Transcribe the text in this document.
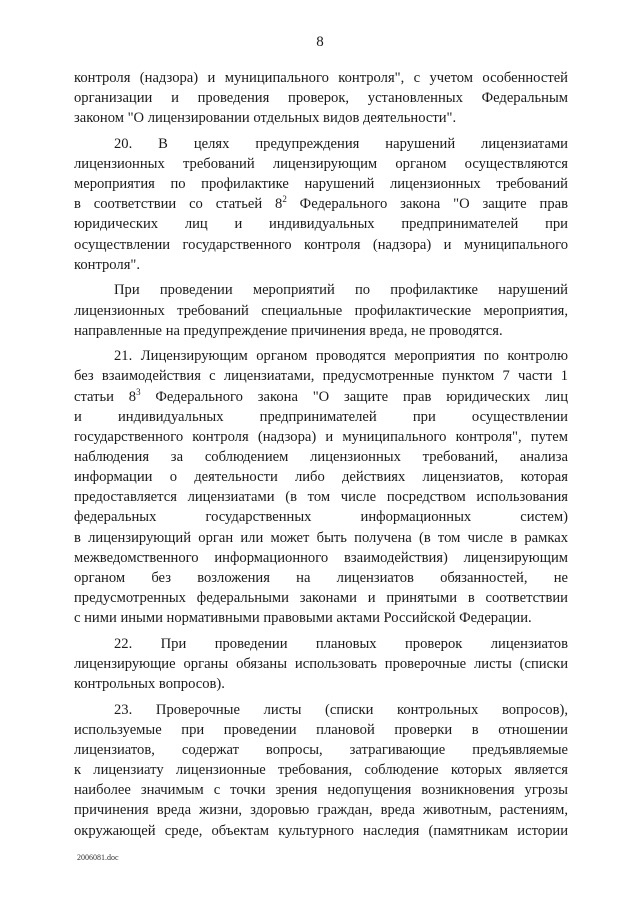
8
контроля (надзора) и муниципального контроля", с учетом особенностей
организации и проведения проверок, установленных Федеральным
законом "О лицензировании отдельных видов деятельности".
20. В целях предупреждения нарушений лицензиатами
лицензионных требований лицензирующим органом осуществляются
мероприятия по профилактике нарушений лицензионных требований
в соответствии со статьей $8^2$ Федерального закона "О защите прав
юридических лиц и индивидуальных предпринимателей при
осуществлении государственного контроля (надзора) и муниципального
контроля".
При проведении мероприятий по профилактике нарушений
лицензионных требований специальные профилактические мероприятия,
направленные на предупреждение причинения вреда, не проводятся.
21. Лицензирующим органом проводятся мероприятия по контролю
без взаимодействия с лицензиатами, предусмотренные пунктом 7 части 1
статьи $8^3$ Федерального закона "О защите прав юридических лиц
и индивидуальных предпринимателей при осуществлении
государственного контроля (надзора) и муниципального контроля", путем
наблюдения за соблюдением лицензионных требований, анализа
информации о деятельности либо действиях лицензиатов, которая
предоставляется лицензиатами (в том числе посредством использования
федеральных государственных информационных систем)
в лицензирующий орган или может быть получена (в том числе в рамках
межведомственного информационного взаимодействия) лицензирующим
органом без возложения на лицензиатов обязанностей, не
предусмотренных федеральными законами и принятыми в соответствии
с ними иными нормативными правовыми актами Российской Федерации.
22. При проведении плановых проверок лицензиатов
лицензирующие органы обязаны использовать проверочные листы (списки
контрольных вопросов).
23. Проверочные листы (списки контрольных вопросов),
используемые при проведении плановой проверки в отношении
лицензиатов, содержат вопросы, затрагивающие предъявляемые
к лицензиату лицензионные требования, соблюдение которых является
наиболее значимым с точки зрения недопущения возникновения угрозы
причинения вреда жизни, здоровью граждан, вреда животным, растениям,
окружающей среде, объектам культурного наследия (памятникам истории
2006081.doc
